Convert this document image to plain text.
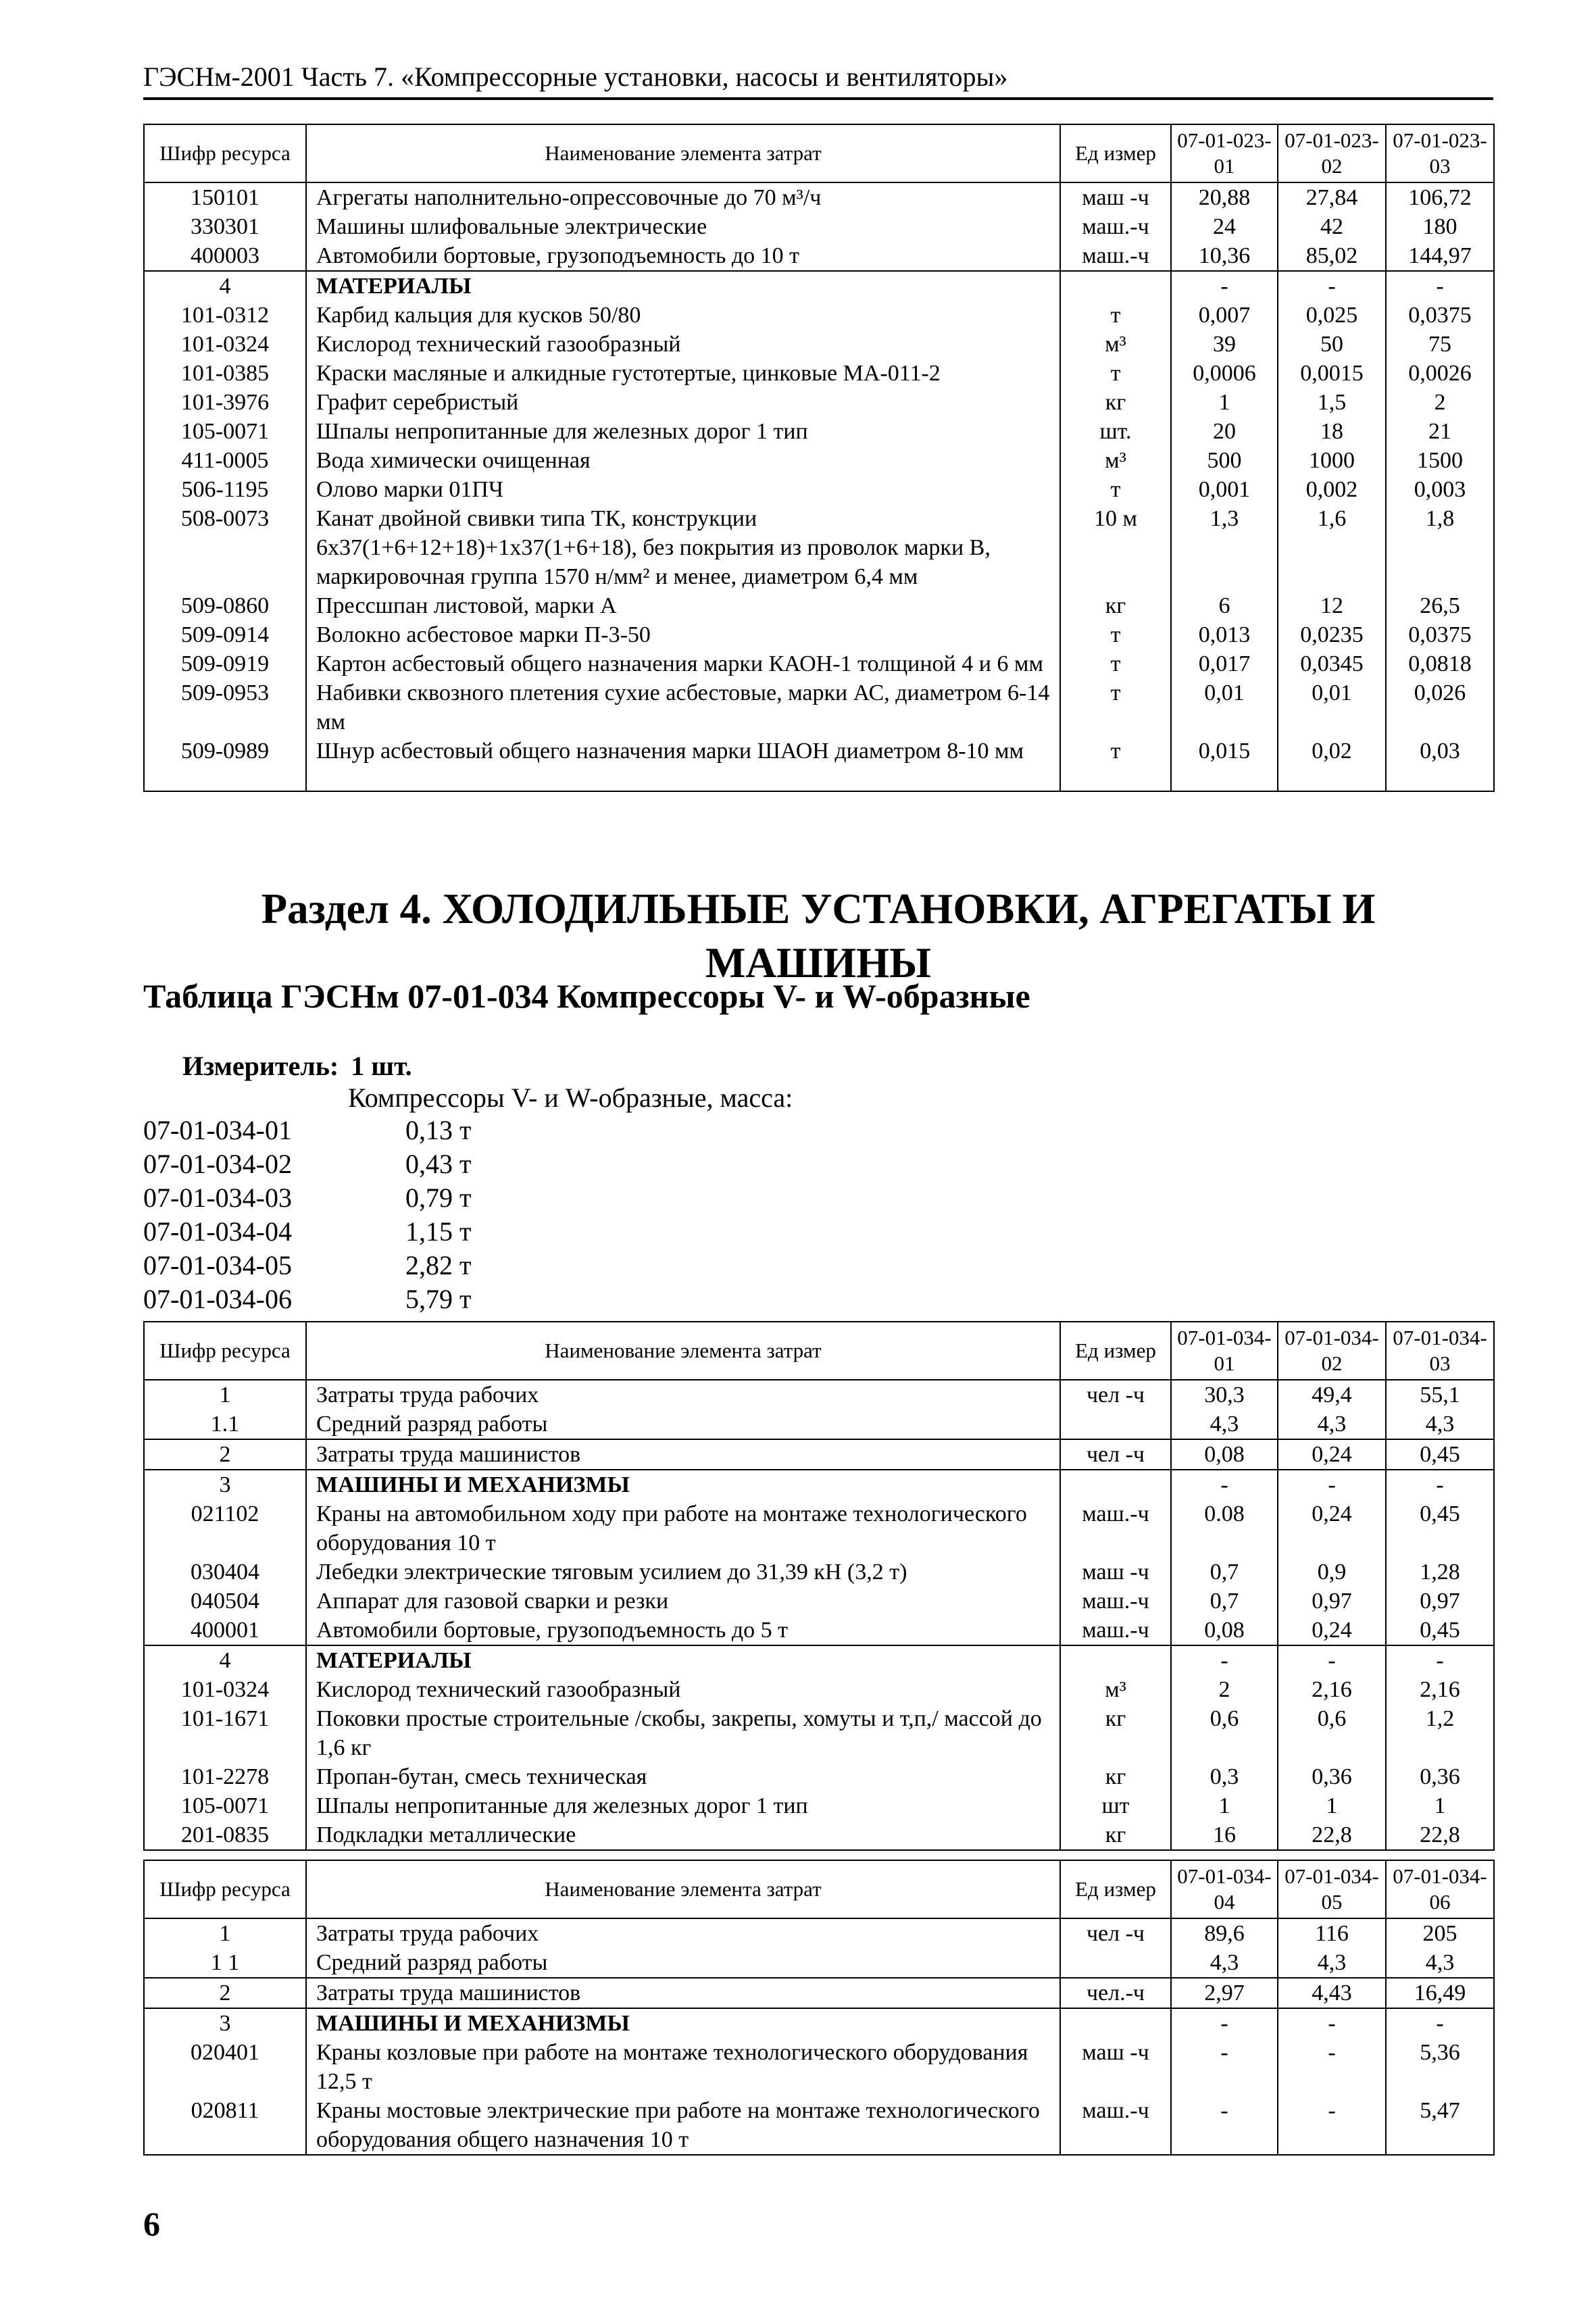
ГЭСНм-2001 Часть 7. «Компрессорные установки, насосы и вентиляторы»
Шифр ресурса	Наименование элемента затрат	Ед измер	07-01-023-01	07-01-023-02	07-01-023-03
150101	Агрегаты наполнительно-опрессовочные до 70 м³/ч	маш -ч	20,88	27,84	106,72
330301	Машины шлифовальные электрические	маш.-ч	24	42	180
400003	Автомобили бортовые, грузоподъемность до 10 т	маш.-ч	10,36	85,02	144,97
4	МАТЕРИАЛЫ		-	-	-
101-0312	Карбид кальция для кусков 50/80	т	0,007	0,025	0,0375
101-0324	Кислород технический газообразный	м³	39	50	75
101-0385	Краски масляные и алкидные густотертые, цинковые МА-011-2	т	0,0006	0,0015	0,0026
101-3976	Графит серебристый	кг	1	1,5	2
105-0071	Шпалы непропитанные для железных дорог 1 тип	шт.	20	18	21
411-0005	Вода химически очищенная	м³	500	1000	1500
506-1195	Олово марки 01ПЧ	т	0,001	0,002	0,003
508-0073	Канат двойной свивки типа ТК, конструкции 6х37(1+6+12+18)+1х37(1+6+18), без покрытия из проволок марки В, маркировочная группа 1570 н/мм² и менее, диаметром 6,4 мм	10 м	1,3	1,6	1,8
509-0860	Прессшпан листовой, марки А	кг	6	12	26,5
509-0914	Волокно асбестовое марки П-3-50	т	0,013	0,0235	0,0375
509-0919	Картон асбестовый общего назначения марки КАОН-1 толщиной 4 и 6 мм	т	0,017	0,0345	0,0818
509-0953	Набивки сквозного плетения сухие асбестовые, марки АС, диаметром 6-14 мм	т	0,01	0,01	0,026
509-0989	Шнур асбестовый общего назначения марки ШАОН диаметром 8-10 мм	т	0,015	0,02	0,03
Раздел 4. ХОЛОДИЛЬНЫЕ УСТАНОВКИ, АГРЕГАТЫ И МАШИНЫ
Таблица ГЭСНм 07-01-034 Компрессоры V- и W-образные
Измеритель: 1 шт.
Компрессоры V- и W-образные, масса:
07-01-034-01	0,13 т
07-01-034-02	0,43 т
07-01-034-03	0,79 т
07-01-034-04	1,15 т
07-01-034-05	2,82 т
07-01-034-06	5,79 т
Шифр ресурса	Наименование элемента затрат	Ед измер	07-01-034-01	07-01-034-02	07-01-034-03
1	Затраты труда рабочих	чел -ч	30,3	49,4	55,1
1.1	Средний разряд работы		4,3	4,3	4,3
2	Затраты труда машинистов	чел -ч	0,08	0,24	0,45
3	МАШИНЫ И МЕХАНИЗМЫ		-	-	-
021102	Краны на автомобильном ходу при работе на монтаже технологического оборудования 10 т	маш.-ч	0.08	0,24	0,45
030404	Лебедки электрические тяговым усилием до 31,39 кН (3,2 т)	маш -ч	0,7	0,9	1,28
040504	Аппарат для газовой сварки и резки	маш.-ч	0,7	0,97	0,97
400001	Автомобили бортовые, грузоподъемность до 5 т	маш.-ч	0,08	0,24	0,45
4	МАТЕРИАЛЫ		-	-	-
101-0324	Кислород технический газообразный	м³	2	2,16	2,16
101-1671	Поковки простые строительные /скобы, закрепы, хомуты и т,п,/ массой до 1,6 кг	кг	0,6	0,6	1,2
101-2278	Пропан-бутан, смесь техническая	кг	0,3	0,36	0,36
105-0071	Шпалы непропитанные для железных дорог 1 тип	шт	1	1	1
201-0835	Подкладки металлические	кг	16	22,8	22,8
Шифр ресурса	Наименование элемента затрат	Ед измер	07-01-034-04	07-01-034-05	07-01-034-06
1	Затраты труда рабочих	чел -ч	89,6	116	205
1 1	Средний разряд работы		4,3	4,3	4,3
2	Затраты труда машинистов	чел.-ч	2,97	4,43	16,49
3	МАШИНЫ И МЕХАНИЗМЫ		-	-	-
020401	Краны козловые при работе на монтаже технологического оборудования 12,5 т	маш -ч	-	-	5,36
020811	Краны мостовые электрические при работе на монтаже технологического оборудования общего назначения 10 т	маш.-ч	-	-	5,47
6
